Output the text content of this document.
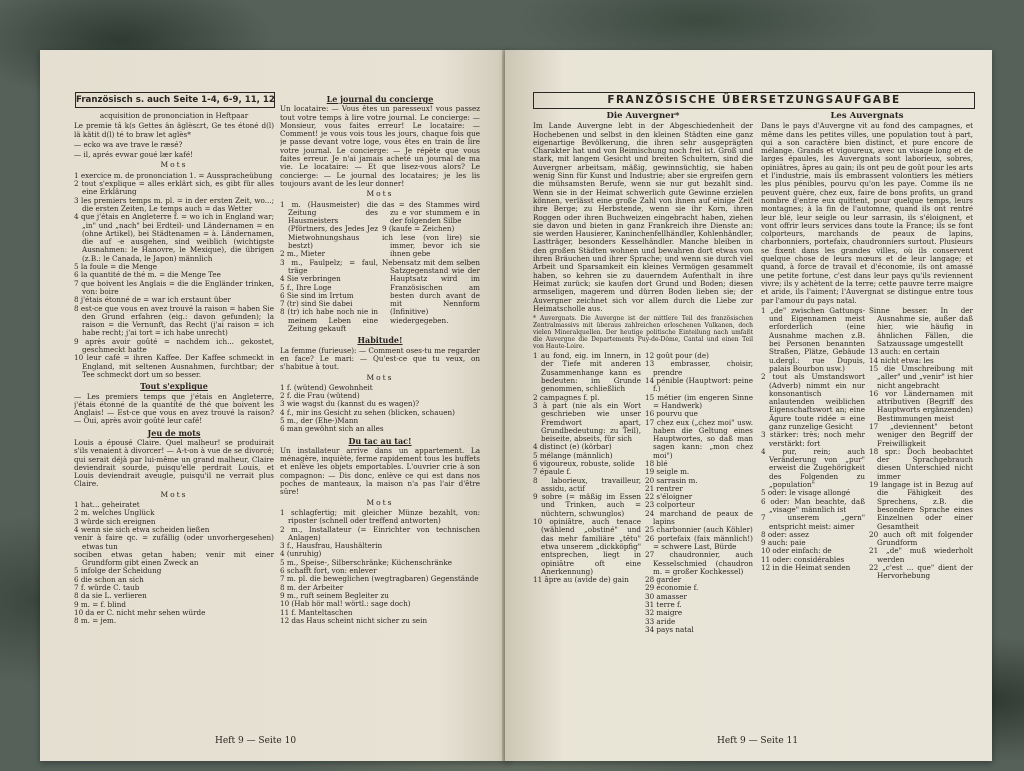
Französisch s. auch Seite 1-4, 6-9, 11, 12

acquisition de prononciation in Heftpaar

Le premie tâ k(s Gettes än äglèsɛrt, Ge tes étoné d(l) lä kätit d(l) té to braw let aglès*

— ecko wa ave trave le ræsé?

— il, aprés evwar goué lær kafé!

Mots

1 exercice m. de prononciation 1. = Ausspracheübung

2 tout s'explique = alles erklärt sich, es gibt für alles eine Erklärung

3 les premiers temps m. pl. = in der ersten Zeit, wo...; die ersten Zeiten, Le temps auch = das Wetter

4 que j'étais en Angleterre f. = wo ich in England war; „in" und „nach" bei Erdteil- und Ländernamen = en (ohne Artikel), bei Städtenamen = à. Ländernamen, die auf -e ausgehen, sind weiblich (wichtigste Ausnahmen: le Hanovre, le Mexique), die übrigen (z.B.: le Canada, le Japon) männlich

5 la foule = die Menge

6 la quantité de thé m. = die Menge Tee

7 que boivent les Anglais = die die Engländer trinken, von: boire

8 j'étais étonné de = war ich erstaunt über

8 est-ce que vous en avez trouvé la raison = haben Sie den Grund erfahren (eig.: davon gefunden); la raison = die Vernunft, das Recht (j'ai raison = ich habe recht; j'ai tort = ich habe unrecht)

9 après avoir goûté = nachdem ich... gekostet, geschmeckt hatte

10 leur café = ihren Kaffee. Der Kaffee schmeckt in England, mit seltenen Ausnahmen, furchtbar; der Tee schmeckt dort um so besser.

Tout s'explique

— Les premiers temps que j'étais en Angleterre, j'étais étonné de la quantité de thé que boivent les Anglais! — Est-ce que vous en avez trouvé la raison? — Oui, après avoir goûté leur café!

Jeu de mots

Louis a épousé Claire. Quel malheur! se produirait s'ils venaient à divorcer! — A-t-on à vue de se divorcé; qui serait déjà par lui-même un grand malheur, Claire deviendrait sourde, puisqu'elle perdrait Louis, et Louis deviendrait aveugle, puisqu'il ne verrait plus Claire.

Mots

1 hat... geheiratet

2 m. welches Unglück

3 würde sich ereignen

4 wenn sie sich etwa scheiden ließen

venir à faire qc. = zufällig (oder unvorhergesehen) etwas tun

sociben etwas getan haben; venir mit einer Grundform gibt einen Zweck an

5 infolge der Scheidung

6 die schon an sich

7 f. würde C. taub

8 da sie L. verlieren

9 m. = f. blind

10 da er C. nicht mehr sehen würde

8 m. = jem.

Le journal du concierge

Un locataire: — Vous êtes un paresseux! vous passez tout votre temps à lire votre journal. Le concierge: — Monsieur, vous faites erreur! Le locataire: — Comment! je vous vois tous les jours, chaque fois que je passe devant votre loge, vous êtes en train de lire votre journal. Le concierge: — Je répète que vous faites erreur. Je n'ai jamais acheté un journal de ma vie. Le locataire: — Et que lisez-vous alors? Le concierge: — Le journal des locataires; je les lis toujours avant de les leur donner!

Mots

1 m. (Hausmeister) die Zeitung des Hausmeisters (Pförtners, des Jedes Jez Mietwohnungshaus bestzt)

2 m., Mieter

3 m., Faulpelz; = faul, träge

4 Sie verbringen

5 f., Ihre Loge

6 Sie sind im Irrtum

7 (tr) sind Sie dabei

8 (tr) ich habe noch nie in meinem Leben eine Zeitung gekauft

das = des Stammes wird zu e vor stummem e in der folgenden Silbe

9 (kaufe = Zeichen)

ich lese (von lire) sie immer, bevor ich sie ihnen gebe

Nebensatz mit dem selben Satzgegenstand wie der Hauptsatz wird im Französischen am besten durch avant de mit Nennform (Infinitive) wiedergegeben.

Habitude!

La femme (furieuse): — Comment oses-tu me regarder en face? Le mari: — Qu'est-ce que tu veux, on s'habitue à tout.

Mots

1 f. (wütend) Gewohnheit

2 f. die Frau (wütend)

3 wie wagst du (kannst du es wagen)?

4 f., mir ins Gesicht zu sehen (blicken, schauen)

5 m., der (Ehe-)Mann

6 man gewöhnt sich an alles

Du tac au tac!

Un installateur arrive dans un appartement. La ménagère, inquiète, ferme rapidement tous les buffets et enlève les objets emportables. L'ouvrier crie à son compagnon: — Dis donc, enlève ce qui est dans nos poches de manteaux, la maison n'a pas l'air d'être sûre!

Mots

1 schlagfertig; mit gleicher Münze bezahlt, von: riposter (schnell oder treffend antworten)

2 m., Installateur (= Einrichter von technischen Anlagen)

3 f., Hausfrau, Haushälterin

4 (unruhig)

5 m., Speise-, Silberschränke; Küchenschränke

6 schafft fort, von: enlever

7 m. pl. die beweglichen (wegtragbaren) Gegenstände

8 m. der Arbeiter

9 m., ruft seinem Begleiter zu

10 (Hab hör mal! wörtl.: sage doch)

11 f. Manteltaschen

12 das Haus scheint nicht sicher zu sein

Heft 9 — Seite 10
FRANZÖSISCHE ÜBERSETZUNGSAUFGABE
Die Auvergner*

Im Lande Auvergne lebt in der Abgeschiedenheit der Hochebenen und selbst in den kleinen Städten eine ganz eigenartige Bevölkerung, die ihren sehr ausgeprägten Charakter hat und von Beimischung noch frei ist. Groß und stark, mit langem Gesicht und breiten Schultern, sind die Auvergner arbeitsam, mäßig, gewinnsüchtig, sie haben wenig Sinn für Kunst und Industrie; aber sie ergreifen gern die mühsamsten Berufe, wenn sie nur gut bezahlt sind. Wenn sie in der Heimat schwerlich gute Gewinne erzielen können, verlässt eine große Zahl von ihnen auf einige Zeit ihre Berge; zu Herbstende, wenn sie ihr Korn, ihren Roggen oder ihren Buchweizen eingebracht haben, ziehen sie davon und bieten in ganz Frankreich ihre Dienste an: sie werden Hausierer, Kaninchenfellhändler, Kohlenhändler, Lastträger, besonders Kesselhändler. Manche bleiben in den großen Städten wohnen und bewahren dort etwas von ihren Bräuchen und ihrer Sprache; und wenn sie durch viel Arbeit und Sparsamkeit ein kleines Vermögen gesammelt haben, so kehren sie zu dauerndem Aufenthalt in ihre Heimat zurück; sie kaufen dort Grund und Boden; diesen armseligen, magerem und dürren Boden lieben sie; der Auvergner zeichnet sich vor allem durch die Liebe zur Heimatscholle aus.

* Auvergnats. Die Auvergne ist der mittlere Teil des französischen Zentralmassivs mit überaus zahlreichen erloschenen Vulkanen, doch vielen Mineralquellen. Der heutige politische Einteilung nach umfaßt die Auvergne die Departements Puy-de-Dôme, Cantal und einen Teil von Haute-Loire.

1 au fond, eig. im Innern, in der Tiefe mit anderen Zusammenhange kann es bedeuten: im Grunde genommen, schließlich

2 campagnes f. pl.

3 à part (nie als ein Wort geschrieben wie unser Fremdwort apart, Grundbedeutung: zu Teil), beiseite, abseits, für sich

4 distinct (e) (körbar)

5 mélange (männlich)

6 vigoureux, robuste, solide

7 épaule f.

8 laborieux, travailleur, assidu, actif

9 sobre (= mäßig im Essen und Trinken, auch = nüchtern, schwunglos)

10 opiniâtre, auch tenace (wählend „obstiné" und das mehr familiäre „têtu" etwa unserem „dickköpfig" entsprechen, liegt in opiniâtre oft eine Anerkennung)

11 âpre au (avide de) gain

12 goût pour (de)

13 embrasser, choisir, prendre

14 pénible (Hauptwort: peine f.)

15 métier (im engeren Sinne = Handwerk)

16 pourvu que

17 chez eux („chez moi" usw. haben die Geltung eines Hauptwortes, so daß man sagen kann: „mon chez moi")

18 blé

19 seigle m.

20 sarrasin m.

21 rentrer

22 s'éloigner

23 colporteur

24 marchand de peaux de lapins

25 charbonnier (auch Köhler)

26 portefaix (faix männlich!) = schwere Last, Bürde

27 chaudronnier, auch Kesselschmied (chaudron m. = großer Kochkessel)

28 garder

29 économie f.

30 amasser

31 terre f.

32 maigre

33 aride

34 pays natal

Les Auvergnats

Dans le pays d'Auvergne vit au fond des campagnes, et même dans les petites villes, une population tout à part, qui a son caractère bien distinct, et pure encore de mélange. Grands et vigoureux, avec un visage long et de larges épaules, les Auvergnats sont laborieux, sobres, opiniâtres, âpres au gain; ils ont peu de goût pour les arts et l'industrie, mais ils embrassent volontiers les métiers les plus pénibles, pourvu qu'on les paye. Comme ils ne peuvent guère, chez eux, faire de bons profits, un grand nombre d'entre eux quittent, pour quelque temps, leurs montagnes; à la fin de l'automne, quand ils ont rentré leur blé, leur seigle ou leur sarrasin, ils s'éloignent, et vont offrir leurs services dans toute la France; ils se font colporteurs, marchands de peaux de lapins, charbonniers, portefaix, chaudronniers surtout. Plusieurs se fixent dans les grandes villes, où ils conservent quelque chose de leurs mœurs et de leur langage; et quand, à force de travail et d'économie, ils ont amassé une petite fortune, c'est dans leur pays qu'ils reviennent vivre; ils y achètent de la terre; cette pauvre terre maigre et aride, ils l'aiment; l'Auvergnat se distingue entre tous par l'amour du pays natal.

1 „de" zwischen Gattungs- und Eigennamen meist erforderlich (eine Ausnahme machen z.B. bei Personen benannten Straßen, Plätze, Gebäude u.dergl.: rue Dupuis, palais Bourbon usw.)

2 tout als Umstandswort (Adverb) nimmt ein nur konsonantisch anlautenden weiblichen Eigenschaftswort an; eine Ägure toute ridée = eine ganz runzelige Gesicht

3 stärker: très; noch mehr verstärkt: fort

4 pur, rein; auch Veränderung von „pur" erweist die Zugehörigkeit des Folgenden zu „population"

5 oder: le visage allongé

6 oder: Man beachte, daß „visage" männlich ist

7 unserem „gern" entspricht meist: aimer

8 oder: assez

9 auch: paie

10 oder einfach: de

11 oder: considérables

12 in die Heimat senden

Sinne besser. In der Ausnahme sie, außer daß hier, wie häufig in ähnlichen Fällen, die Satzaussage umgestellt

13 auch: en certain

14 nicht etwa: les

15 die Umschreibung mit „aller" und „venir" ist hier nicht angebracht

16 vor Ländernamen mit attributiven (Begriff des Hauptworts ergänzenden) Bestimmungen meist

17 „deviennent" betont weniger den Begriff der Freiwilligkeit

18 spr.: Doch beobachtet der Sprachgebrauch diesen Unterschied nicht immer

19 langage ist in Bezug auf die Fähigkeit des Sprechens, z.B. die besondere Sprache eines Einzelnen oder einer Gesamtheit

20 auch oft mit folgender Grundform

21 „de" muß wiederholt werden

22 „c'est ... que" dient der Hervorhebung

Heft 9 — Seite 11
